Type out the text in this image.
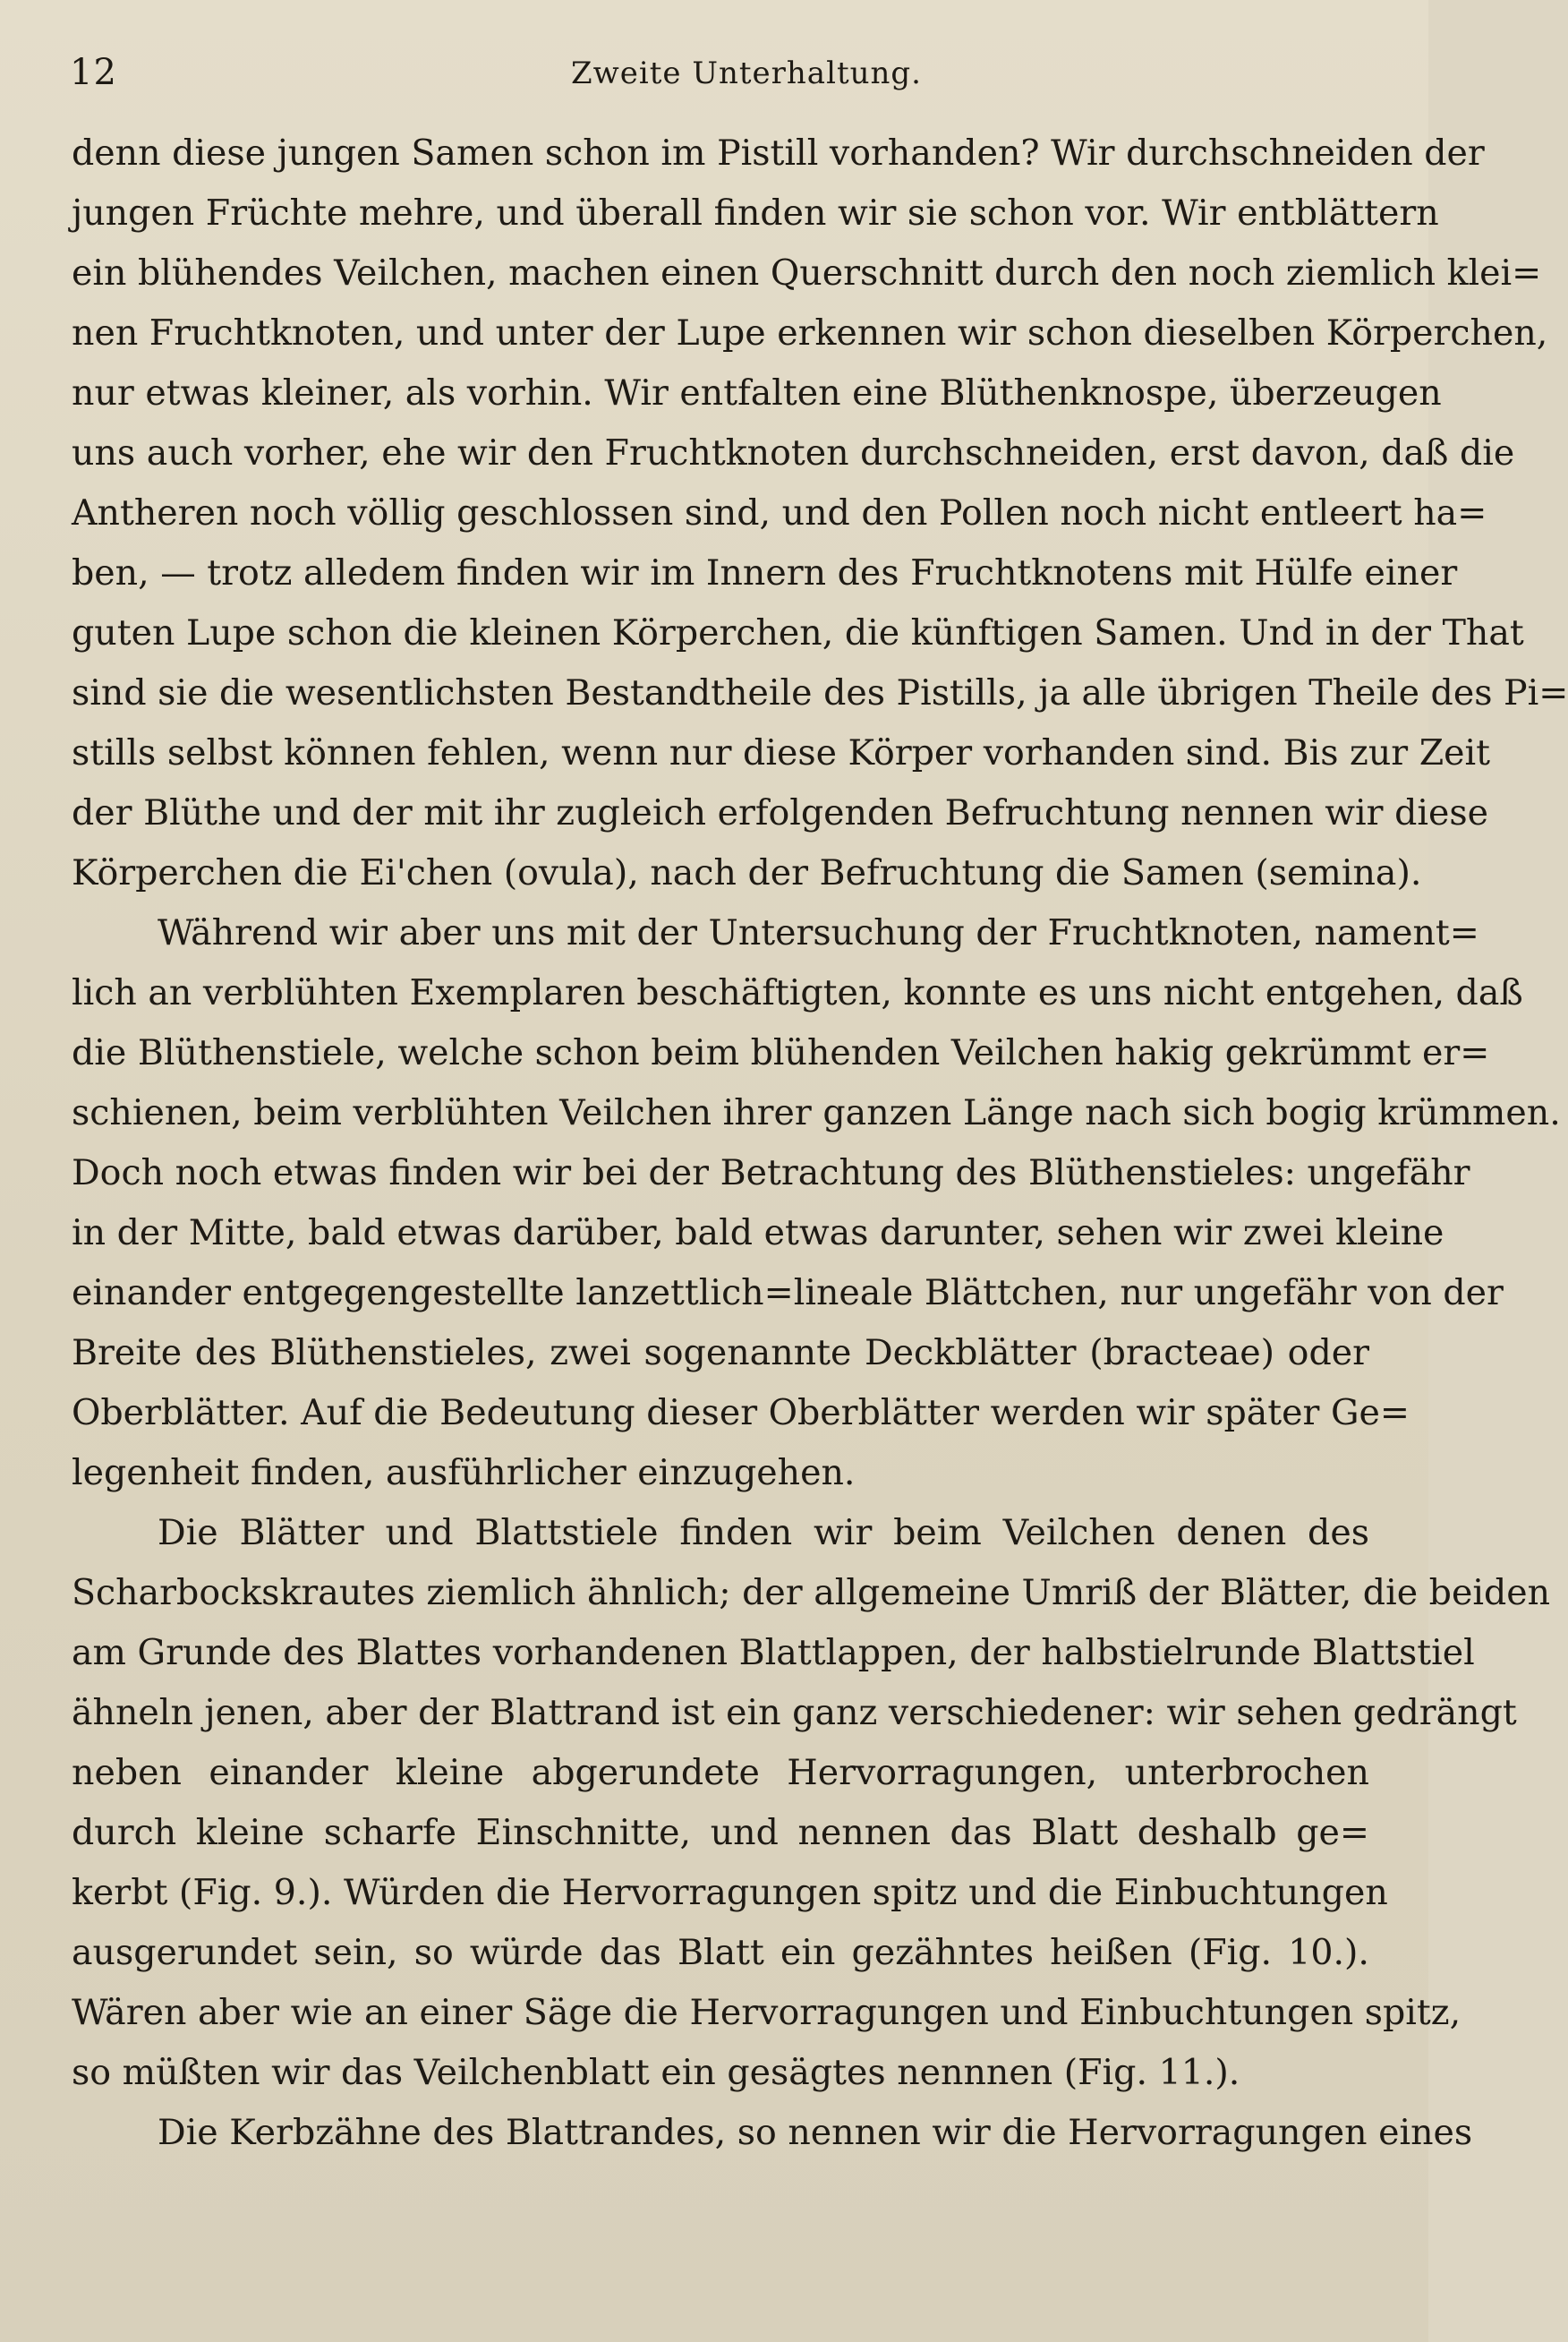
12	Zweite Unterhaltung.
denn diese jungen Samen schon im Pistill vorhanden? Wir durchschneiden der
jungen Früchte mehre, und überall finden wir sie schon vor. Wir entblättern
ein blühendes Veilchen, machen einen Querschnitt durch den noch ziemlich klei=
nen Fruchtknoten, und unter der Lupe erkennen wir schon dieselben Körperchen,
nur etwas kleiner, als vorhin. Wir entfalten eine Blüthenknospe, überzeugen
uns auch vorher, ehe wir den Fruchtknoten durchschneiden, erst davon, daß die
Antheren noch völlig geschlossen sind, und den Pollen noch nicht entleert ha=
ben, — trotz alledem finden wir im Innern des Fruchtknotens mit Hülfe einer
guten Lupe schon die kleinen Körperchen, die künftigen Samen. Und in der That
sind sie die wesentlichsten Bestandtheile des Pistills, ja alle übrigen Theile des Pi=
stills selbst können fehlen, wenn nur diese Körper vorhanden sind. Bis zur Zeit
der Blüthe und der mit ihr zugleich erfolgenden Befruchtung nennen wir diese
Körperchen die Ei'chen (ovula), nach der Befruchtung die Samen (semina).
Während wir aber uns mit der Untersuchung der Fruchtknoten, nament=
lich an verblühten Exemplaren beschäftigten, konnte es uns nicht entgehen, daß
die Blüthenstiele, welche schon beim blühenden Veilchen hakig gekrümmt er=
schienen, beim verblühten Veilchen ihrer ganzen Länge nach sich bogig krümmen.
Doch noch etwas finden wir bei der Betrachtung des Blüthenstieles: ungefähr
in der Mitte, bald etwas darüber, bald etwas darunter, sehen wir zwei kleine
einander entgegengestellte lanzettlich=lineale Blättchen, nur ungefähr von der
Breite des Blüthenstieles, zwei sogenannte Deckblätter (bracteae) oder
Oberblätter. Auf die Bedeutung dieser Oberblätter werden wir später Ge=
legenheit finden, ausführlicher einzugehen.
Die Blätter und Blattstiele finden wir beim Veilchen denen des
Scharbockskrautes ziemlich ähnlich; der allgemeine Umriß der Blätter, die beiden
am Grunde des Blattes vorhandenen Blattlappen, der halbstielrunde Blattstiel
ähneln jenen, aber der Blattrand ist ein ganz verschiedener: wir sehen gedrängt
neben einander kleine abgerundete Hervorragungen, unterbrochen
durch kleine scharfe Einschnitte, und nennen das Blatt deshalb ge=
kerbt (Fig. 9.). Würden die Hervorragungen spitz und die Einbuchtungen
ausgerundet sein, so würde das Blatt ein gezähntes heißen (Fig. 10.).
Wären aber wie an einer Säge die Hervorragungen und Einbuchtungen spitz,
so müßten wir das Veilchenblatt ein gesägtes nennnen (Fig. 11.).
Die Kerbzähne des Blattrandes, so nennen wir die Hervorragungen eines
